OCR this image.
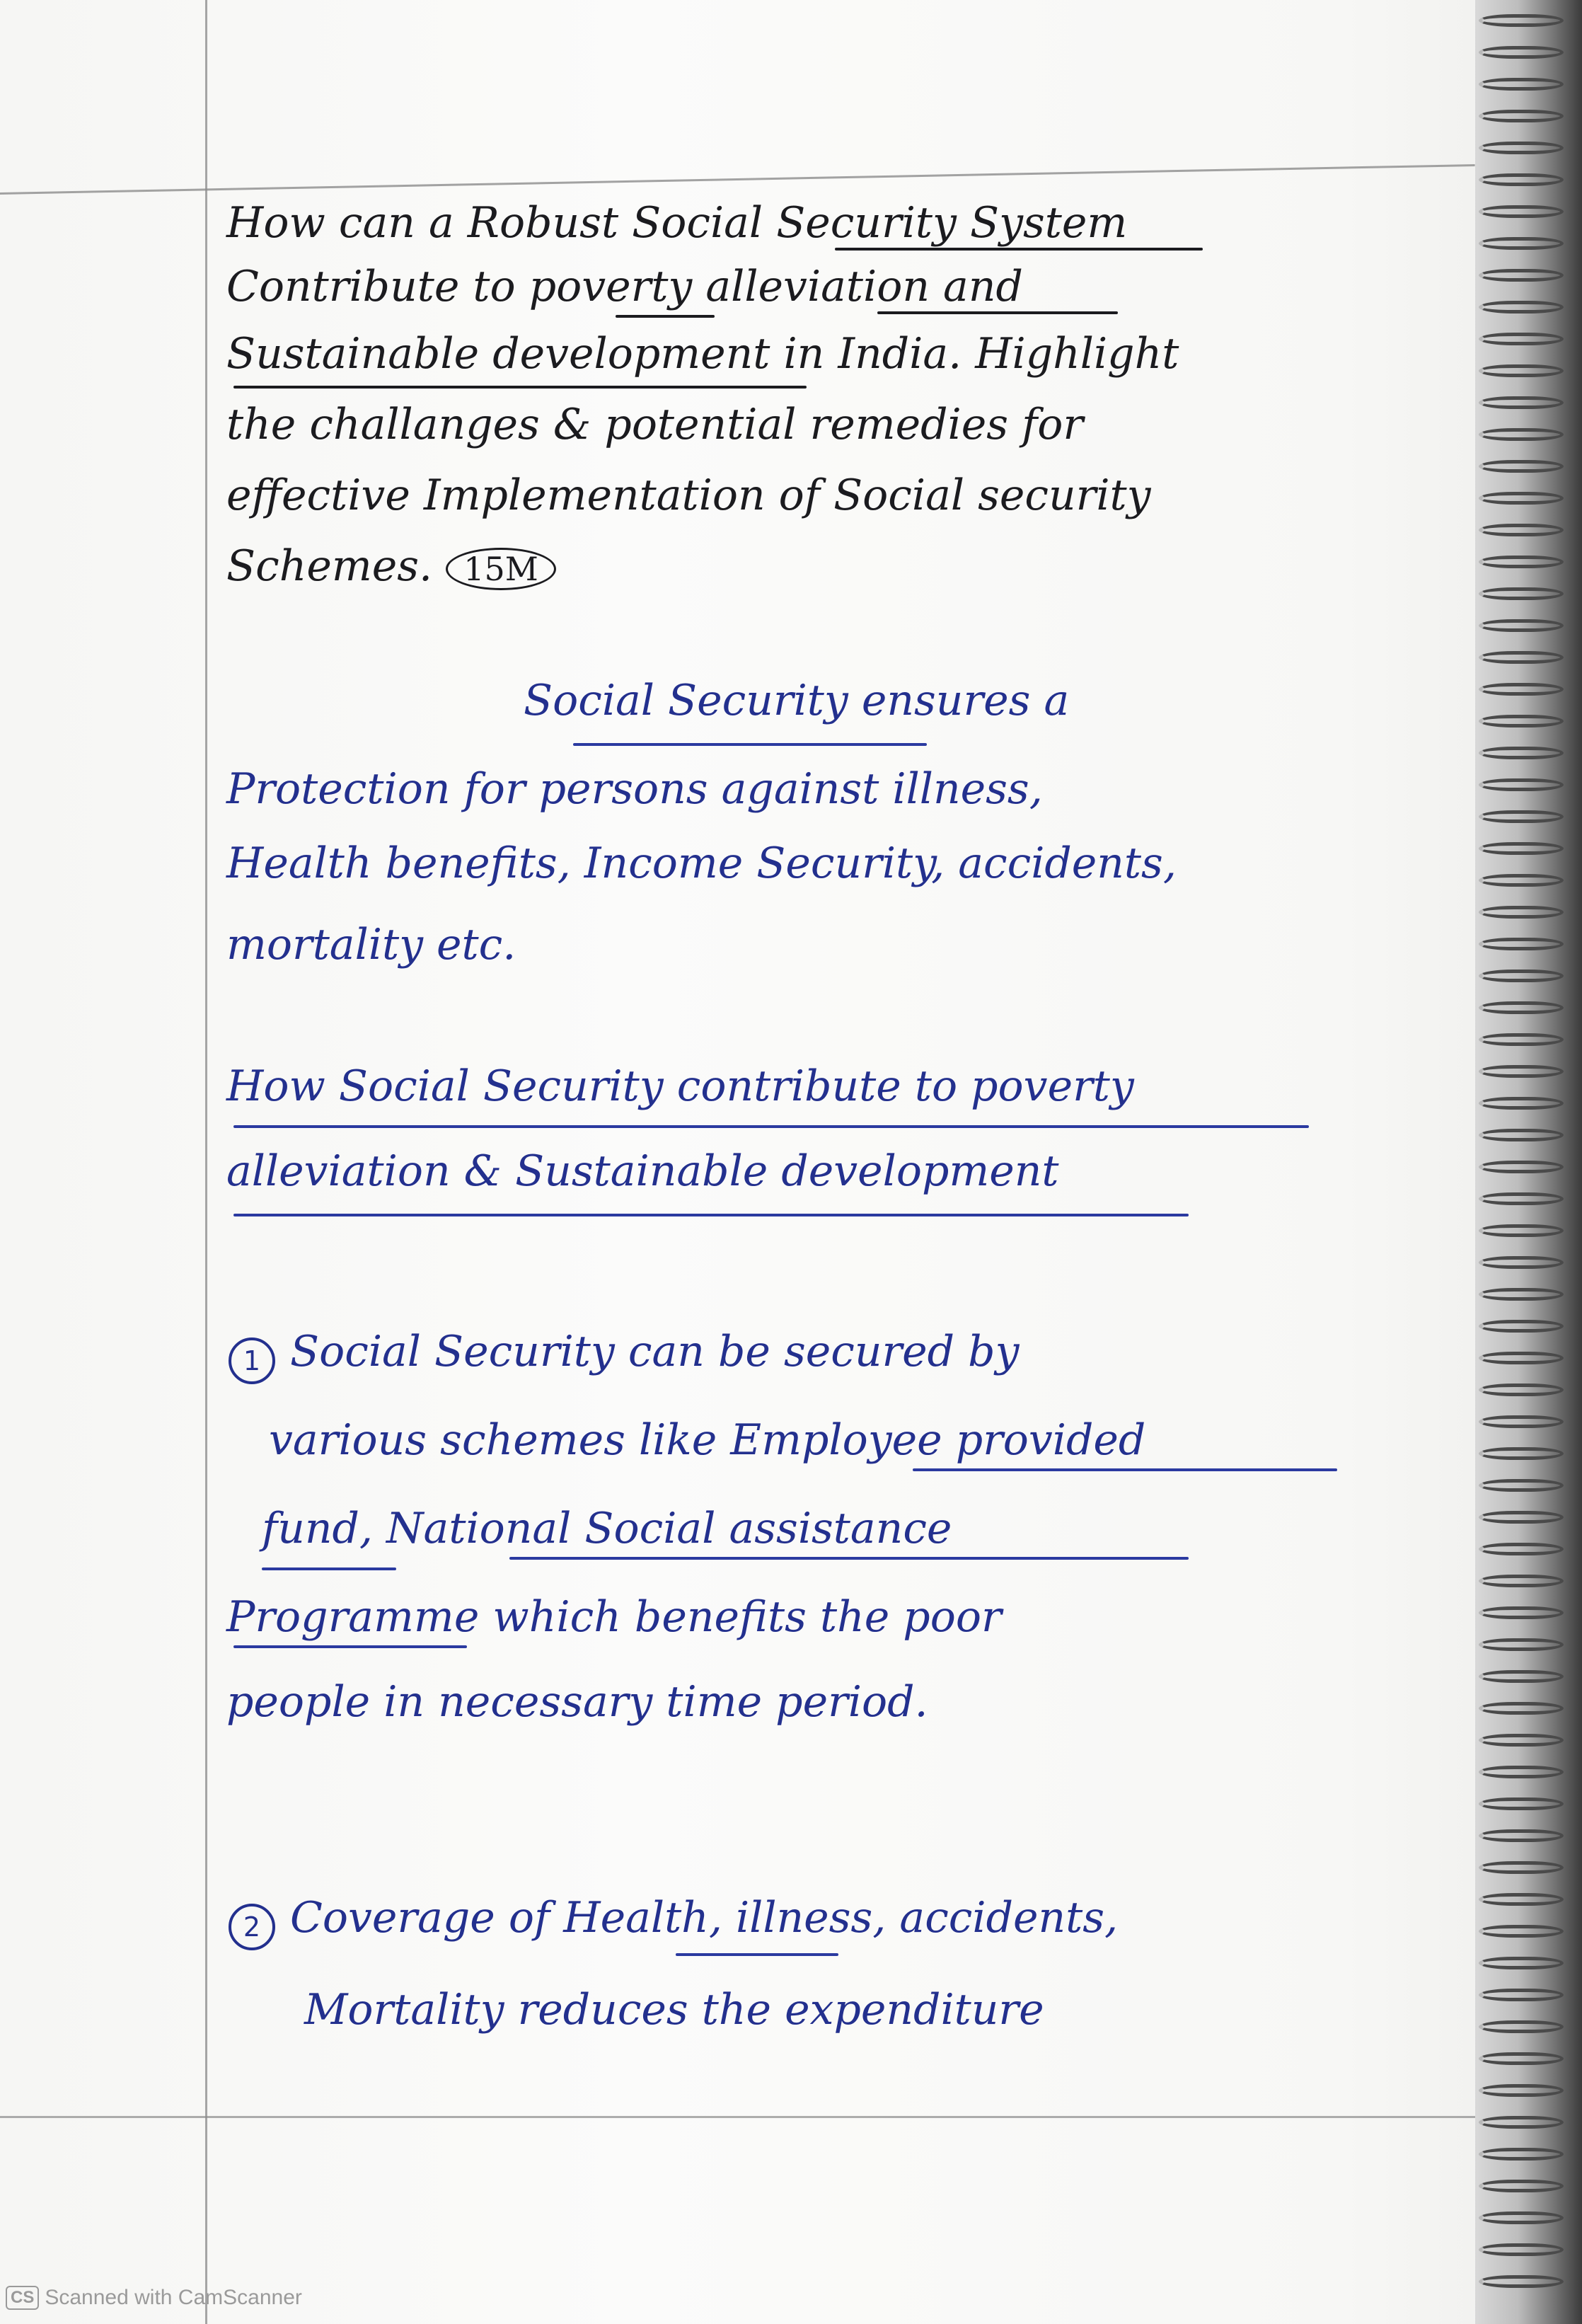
How can a Robust Social Security System
Contribute to poverty alleviation and
Sustainable development in India. Highlight
the challanges & potential remedies for
effective Implementation of Social security
Schemes. 15M
Social Security ensures a
Protection for persons against illness,
Health benefits, Income Security, accidents,
mortality etc.
How Social Security contribute to poverty
alleviation & Sustainable development
1 Social Security can be secured by
various schemes like Employee provided
fund, National Social assistance
Programme which benefits the poor
people in necessary time period.
2 Coverage of Health, illness, accidents,
Mortality reduces the expenditure
CS Scanned with CamScanner
